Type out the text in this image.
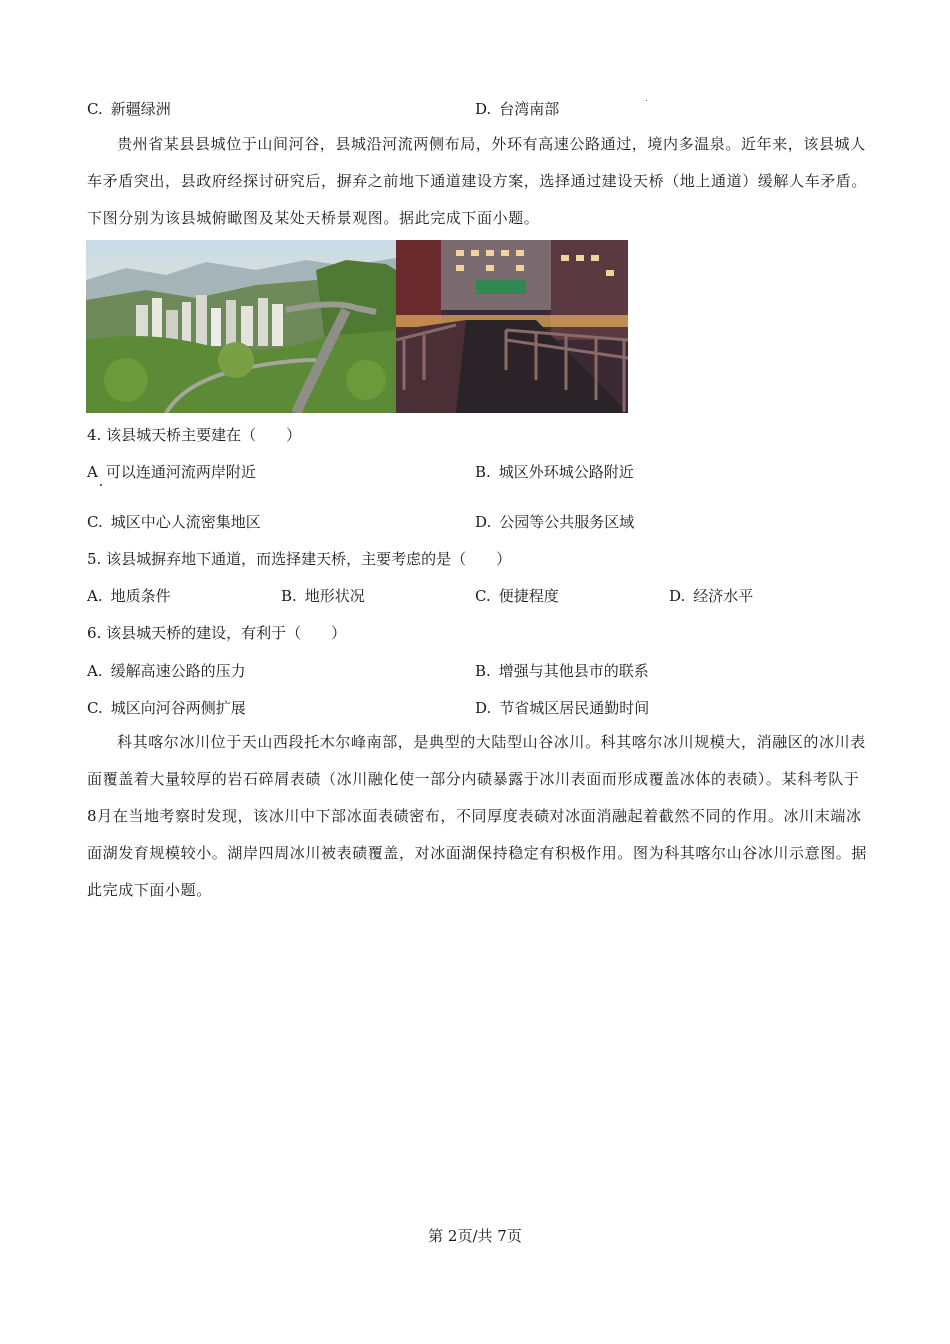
C. 新疆绿洲	D. 台湾南部
贵州省某县县城位于山间河谷，县城沿河流两侧布局，外环有高速公路通过，境内多温泉。近年来，该县城人车矛盾突出，县政府经探讨研究后，摒弃之前地下通道建设方案，选择通过建设天桥（地上通道）缓解人车矛盾。下图分别为该县城俯瞰图及某处天桥景观图。据此完成下面小题。
4. 该县城天桥主要建在（　　）
A 可以连通河流两岸附近	B. 城区外环城公路附近
C. 城区中心人流密集地区	D. 公园等公共服务区域
5. 该县城摒弃地下通道，而选择建天桥，主要考虑的是（　　）
A. 地质条件	B. 地形状况	C. 便捷程度	D. 经济水平
6. 该县城天桥的建设，有利于（　　）
A. 缓解高速公路的压力	B. 增强与其他县市的联系
C. 城区向河谷两侧扩展	D. 节省城区居民通勤时间
科其喀尔冰川位于天山西段托木尔峰南部，是典型的大陆型山谷冰川。科其喀尔冰川规模大，消融区的冰川表面覆盖着大量较厚的岩石碎屑表碛（冰川融化使一部分内碛暴露于冰川表面而形成覆盖冰体的表碛）。某科考队于8月在当地考察时发现，该冰川中下部冰面表碛密布，不同厚度表碛对冰面消融起着截然不同的作用。冰川末端冰面湖发育规模较小。湖岸四周冰川被表碛覆盖，对冰面湖保持稳定有积极作用。图为科其喀尔山谷冰川示意图。据此完成下面小题。
第 2页/共 7页
